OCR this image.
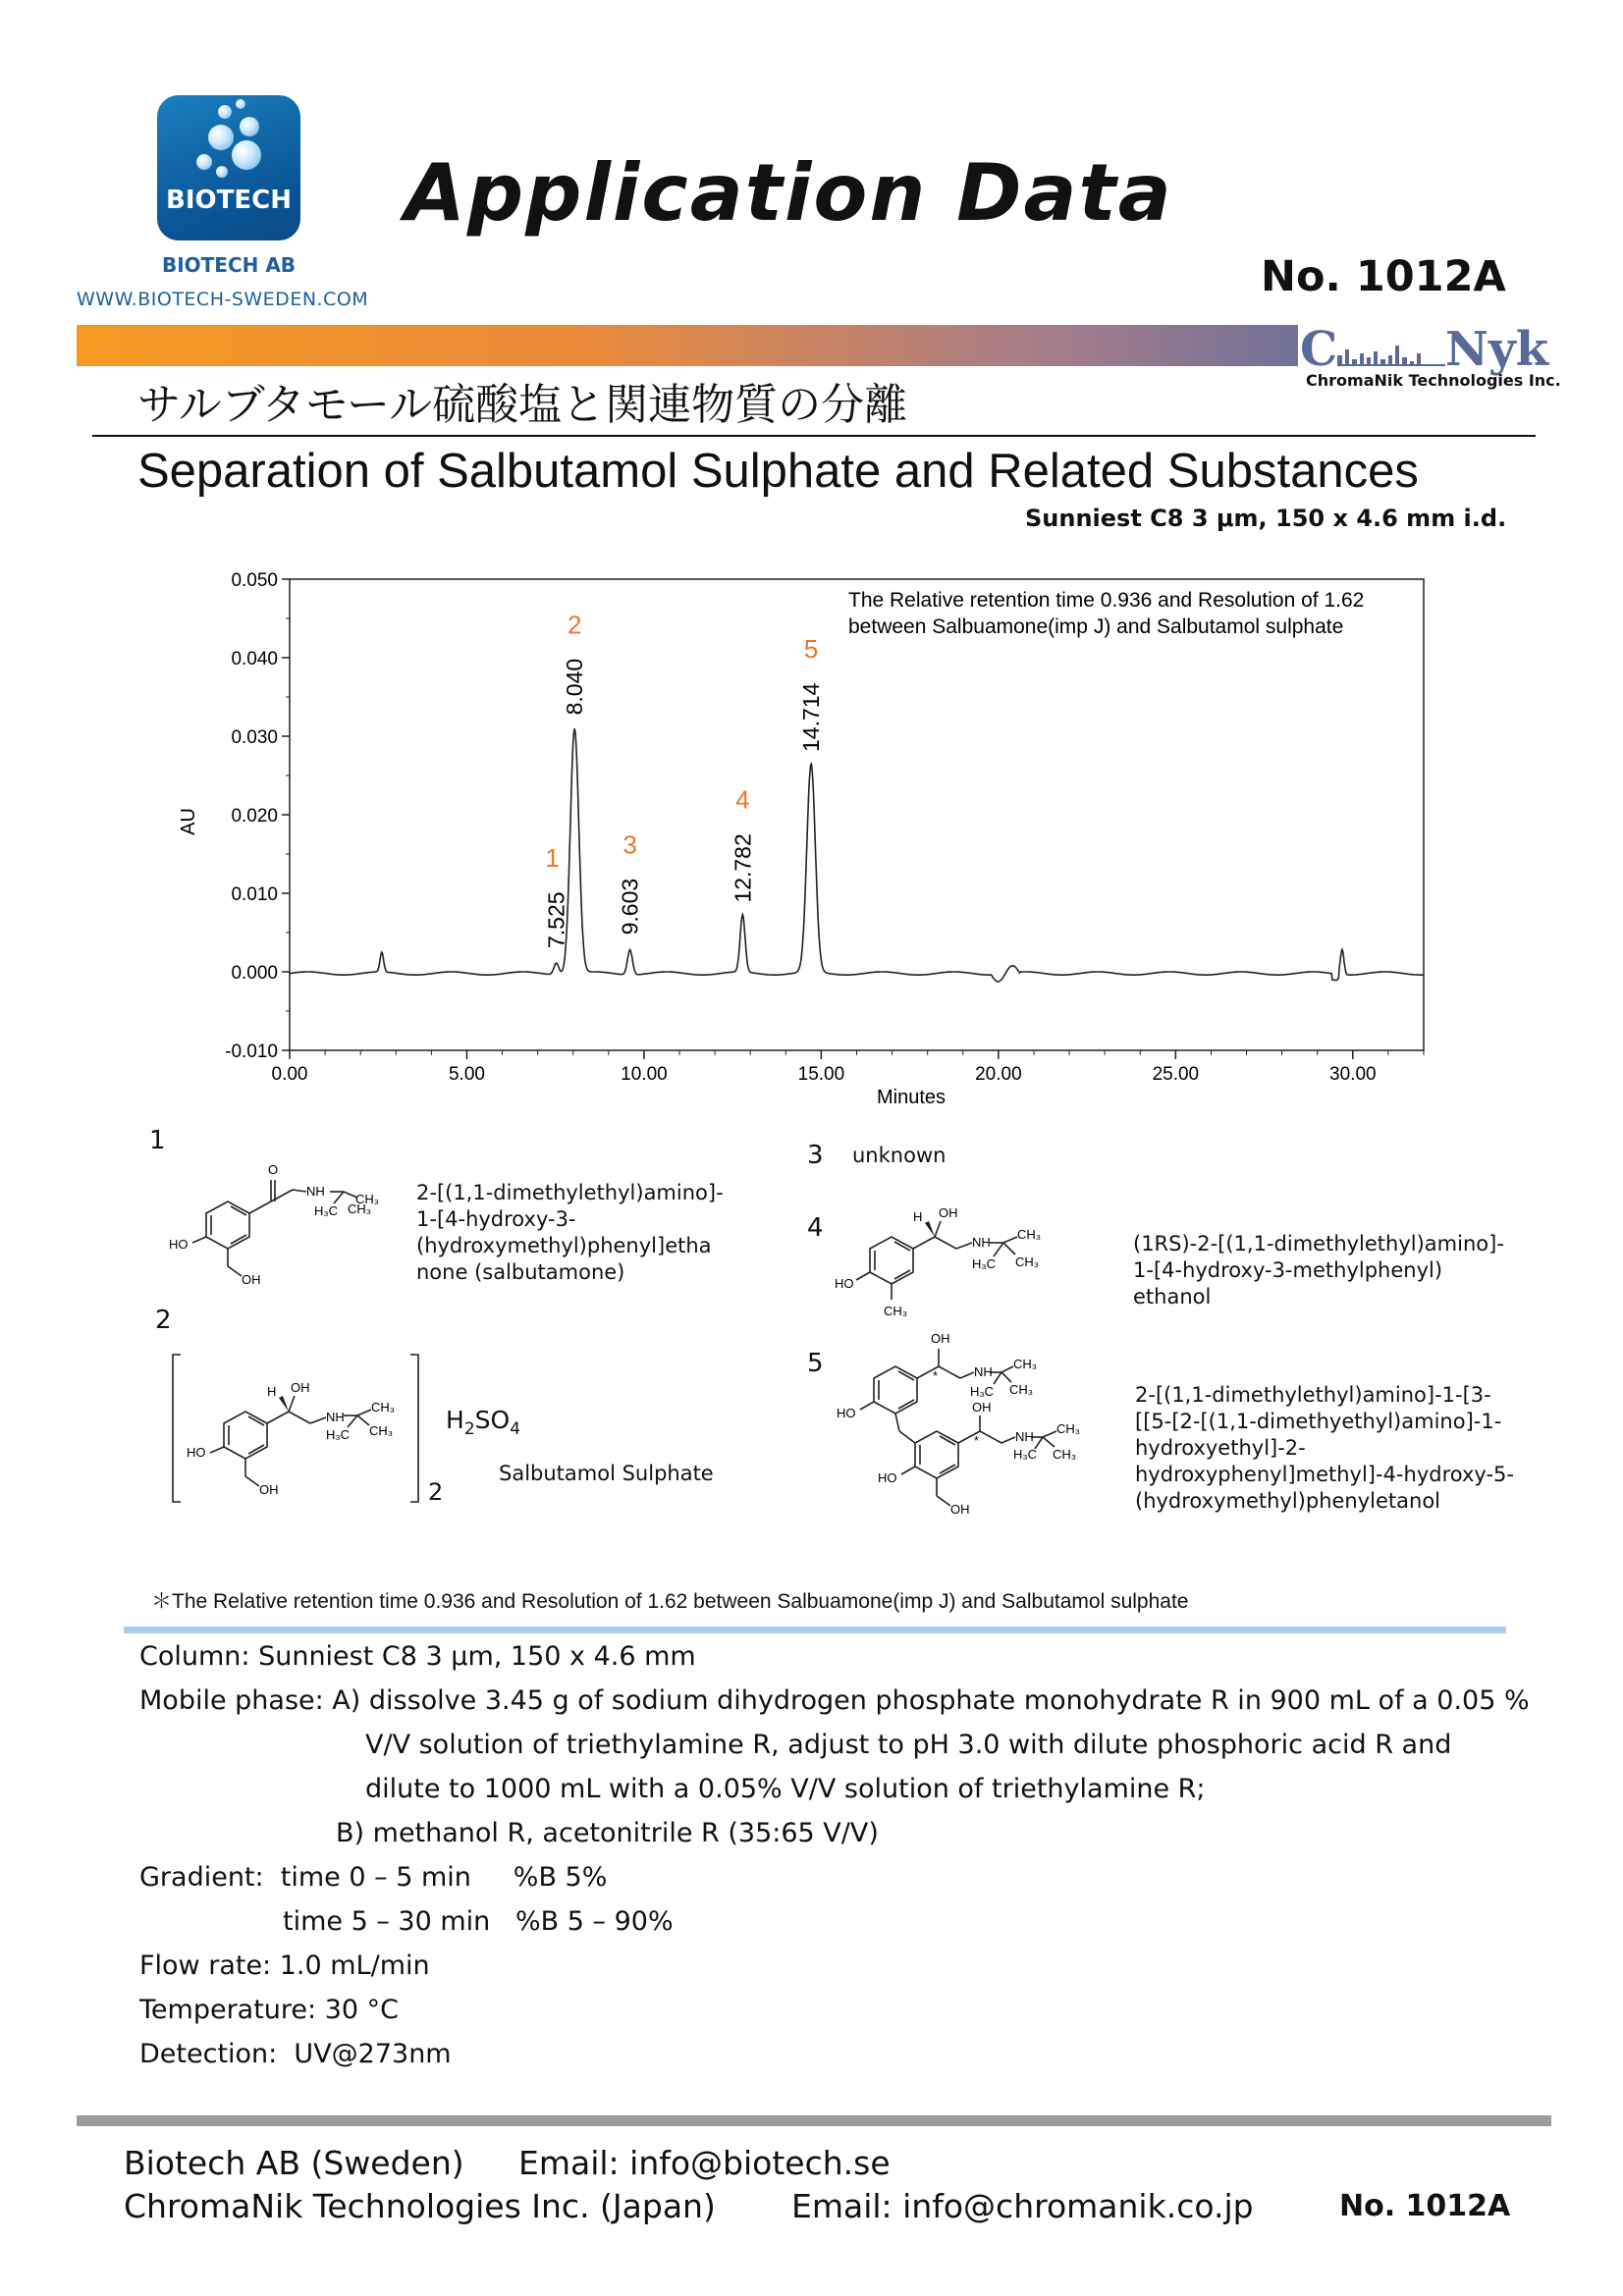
BIOTECH
BIOTECH AB
WWW.BIOTECH-SWEDEN.COM
Application Data
No. 1012A
C Nyk
ChromaNik Technologies Inc.
サルブタモール硫酸塩と関連物質の分離
Separation of Salbutamol Sulphate and Related Substances
Sunniest C8 3 μm, 150 x 4.6 mm i.d.
0.050
0.040
0.030
0.020
0.010
0.000
-0.010
0.00	5.00	10.00	15.00	20.00	25.00	30.00
7.525
1
8.040
2
9.603
3	12.782
4
14.714
5
AU
Minutes
The Relative retention time 0.936 and Resolution of 1.62
between Salbuamone(imp J) and Salbutamol sulphate
1
O
NH
CH₃
H₃C CH₃
HO
OH
2-[(1,1-dimethylethyl)amino]-
1-[4-hydroxy-3-
(hydroxymethyl)phenyl]etha
none (salbutamone)
2
H OH
NH
CH₃
H₃C CH₃
HO
OH
$H_2SO_4$
2
Salbutamol Sulphate
3 unknown
4	H OH
NH
CH₃
H₃C CH₃
HO
CH₃
(1RS)-2-[(1,1-dimethylethyl)amino]-
1-[4-hydroxy-3-methylphenyl)
ethanol
5
OH
*	NH
CH₃
H₃C CH₃
HO	OH
*	NH
CH₃
H₃C CH₃
HO
OH
2-[(1,1-dimethylethyl)amino]-1-[3-
[[5-[2-[(1,1-dimethyethyl)amino]-1-
hydroxyethyl]-2-
hydroxyphenyl]methyl]-4-hydroxy-5-
(hydroxymethyl)phenyletanol
＊The Relative retention time 0.936 and Resolution of 1.62 between Salbuamone(imp J) and Salbutamol sulphate
Column: Sunniest C8 3 μm, 150 x 4.6 mm
Mobile phase: A) dissolve 3.45 g of sodium dihydrogen phosphate monohydrate R in 900 mL of a 0.05 %
V/V solution of triethylamine R, adjust to pH 3.0 with dilute phosphoric acid R and
dilute to 1000 mL with a 0.05% V/V solution of triethylamine R;
B) methanol R, acetonitrile R (35:65 V/V)
Gradient:  time 0 – 5 min     %B 5%
time 5 – 30 min   %B 5 – 90%
Flow rate: 1.0 mL/min
Temperature: 30 °C
Detection:  UV@273nm
Biotech AB (Sweden) Email: info@biotech.se
ChromaNik Technologies Inc. (Japan) Email: info@chromanik.co.jp	No. 1012A
